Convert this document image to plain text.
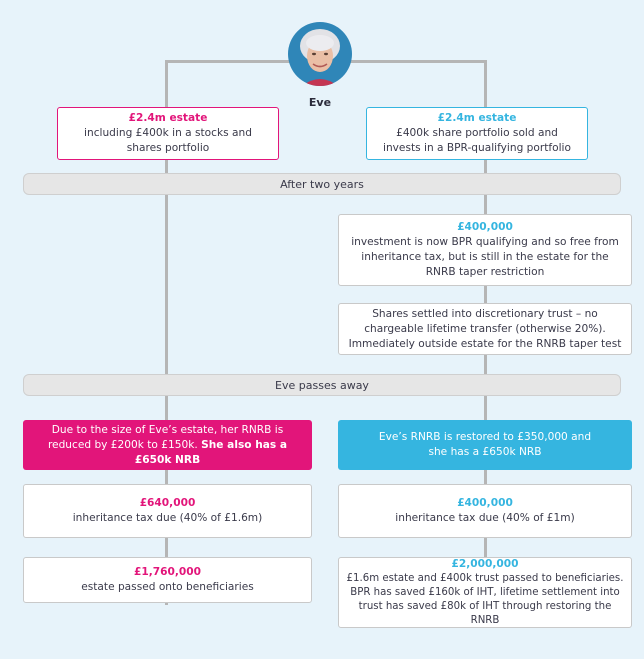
Eve
£2.4m estate
including £400k in a stocks and shares portfolio
£2.4m estate
£400k share portfolio sold and invests in a BPR-qualifying portfolio
After two years
£400,000
investment is now BPR qualifying and so free from inheritance tax, but is still in the estate for the RNRB taper restriction
Shares settled into discretionary trust – no chargeable lifetime transfer (otherwise 20%). Immediately outside estate for the RNRB taper test
Eve passes away
Due to the size of Eve’s estate, her RNRB is reduced by £200k to £150k. She also has a £650k NRB
Eve’s RNRB is restored to £350,000 and she has a £650k NRB
£640,000
inheritance tax due (40% of £1.6m)
£400,000
inheritance tax due (40% of £1m)
£1,760,000
estate passed onto beneficiaries
£2,000,000
£1.6m estate and £400k trust passed to beneficiaries. BPR has saved £160k of IHT, lifetime settlement into trust has saved £80k of IHT through restoring the RNRB
